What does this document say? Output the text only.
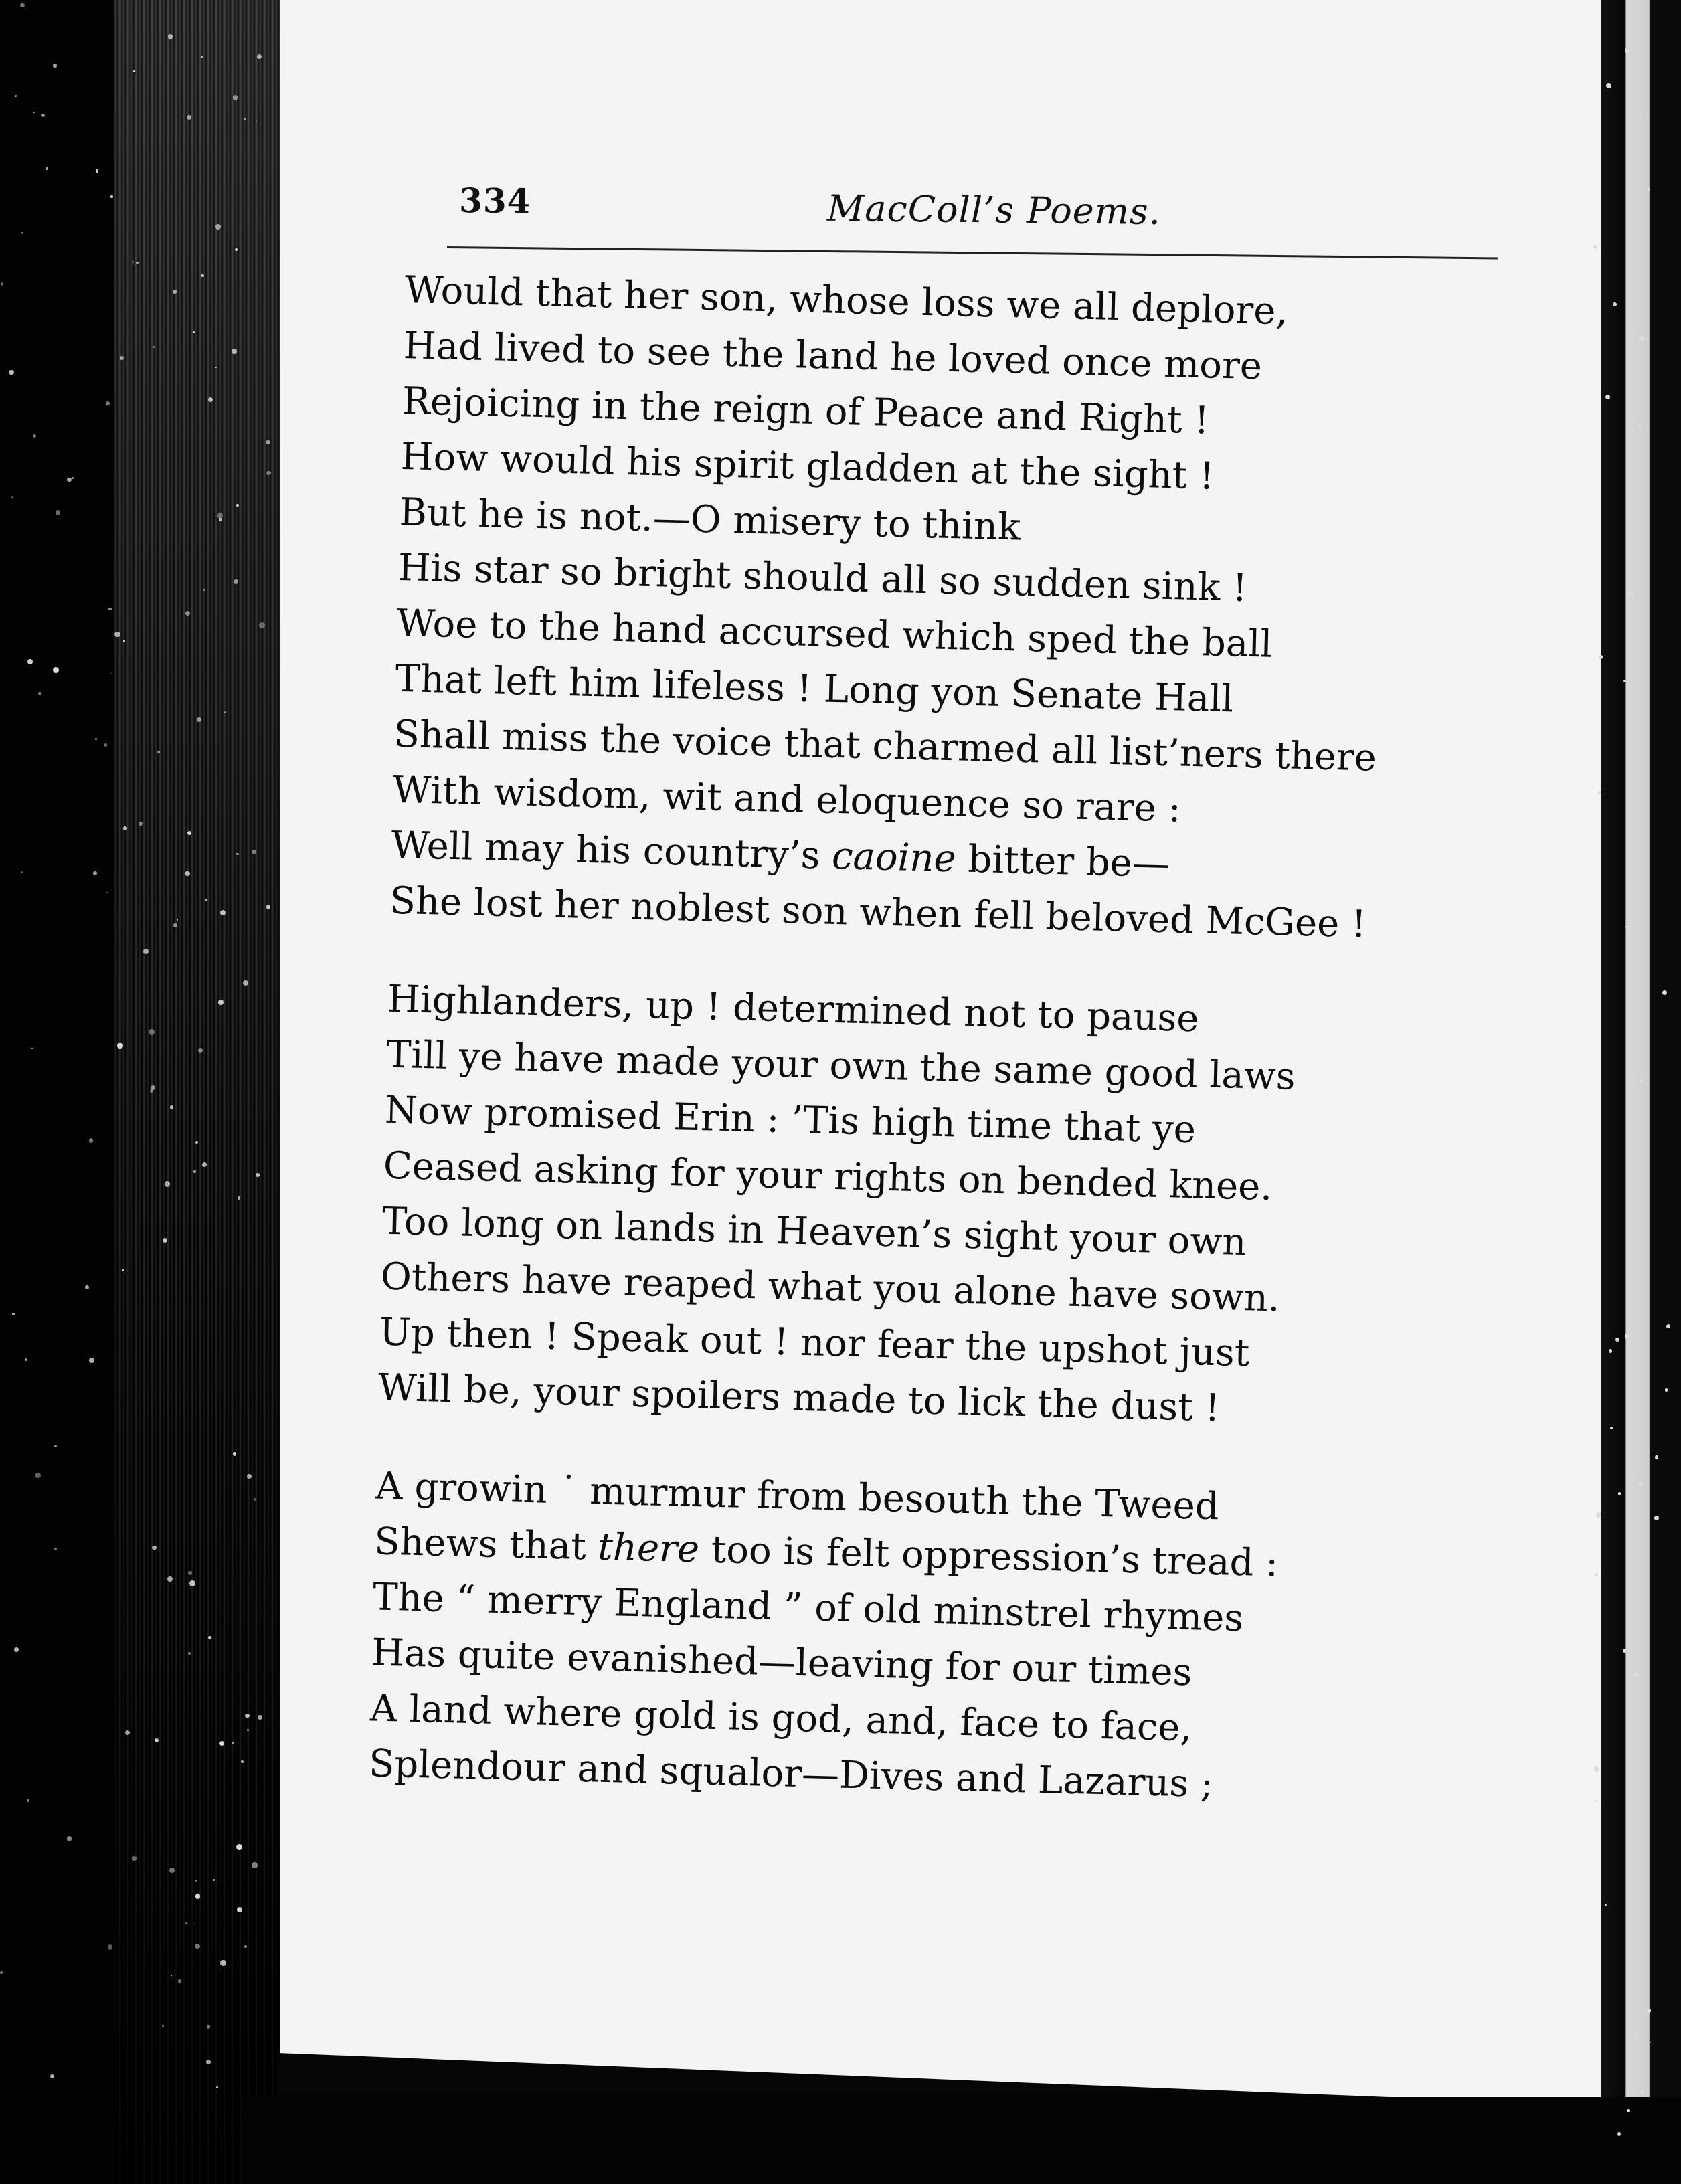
334	MacColl’s Poems.
Would that her son, whose loss we all deplore,
Had lived to see the land he loved once more
Rejoicing in the reign of Peace and Right !
How would his spirit gladden at the sight !
But he is not.—O misery to think
His star so bright should all so sudden sink !
Woe to the hand accursed which sped the ball
That left him lifeless ! Long yon Senate Hall
Shall miss the voice that charmed all list’ners there
With wisdom, wit and eloquence so rare :
Well may his country’s caoine bitter be—
She lost her noblest son when fell beloved McGee !
Highlanders, up ! determined not to pause
Till ye have made your own the same good laws
Now promised Erin : ’Tis high time that ye
Ceased asking for your rights on bended knee.
Too long on lands in Heaven’s sight your own
Others have reaped what you alone have sown.
Up then ! Speak out ! nor fear the upshot just
Will be, your spoilers made to lick the dust !
A growin ˙ murmur from besouth the Tweed
Shews that there too is felt oppression’s tread :
The “ merry England ” of old minstrel rhymes
Has quite evanished—leaving for our times
A land where gold is god, and, face to face,
Splendour and squalor—Dives and Lazarus ;
